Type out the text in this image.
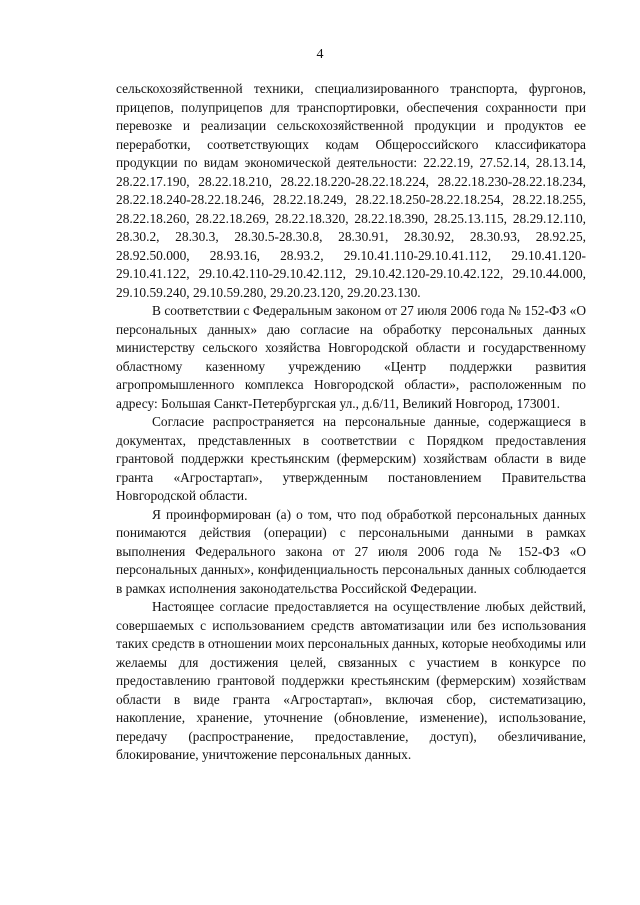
4

сельскохозяйственной техники, специализированного транспорта, фургонов, прицепов, полуприцепов для транспортировки, обеспечения сохранности при перевозке и реализации сельскохозяйственной продукции и продуктов ее переработки, соответствующих кодам Общероссийского классификатора продукции по видам экономической деятельности: 22.22.19, 27.52.14, 28.13.14, 28.22.17.190, 28.22.18.210, 28.22.18.220-28.22.18.224, 28.22.18.230-28.22.18.234, 28.22.18.240-28.22.18.246, 28.22.18.249, 28.22.18.250-28.22.18.254, 28.22.18.255, 28.22.18.260, 28.22.18.269, 28.22.18.320, 28.22.18.390, 28.25.13.115, 28.29.12.110, 28.30.2, 28.30.3, 28.30.5-28.30.8, 28.30.91, 28.30.92, 28.30.93, 28.92.25, 28.92.50.000, 28.93.16, 28.93.2, 29.10.41.110-29.10.41.112, 29.10.41.120-29.10.41.122, 29.10.42.110-29.10.42.112, 29.10.42.120-29.10.42.122, 29.10.44.000, 29.10.59.240, 29.10.59.280, 29.20.23.120, 29.20.23.130.

В соответствии с Федеральным законом от 27 июля 2006 года № 152-ФЗ «О персональных данных» даю согласие на обработку персональных данных министерству сельского хозяйства Новгородской области и государственному областному казенному учреждению «Центр поддержки развития агропромышленного комплекса Новгородской области», расположенным по адресу: Большая Санкт-Петербургская ул., д.6/11, Великий Новгород, 173001.

Согласие распространяется на персональные данные, содержащиеся в документах, представленных в соответствии с Порядком предоставления грантовой поддержки крестьянским (фермерским) хозяйствам области в виде гранта «Агростартап», утвержденным постановлением Правительства Новгородской области.

Я проинформирован (а) о том, что под обработкой персональных данных понимаются действия (операции) с персональными данными в рамках выполнения Федерального закона от 27 июля 2006 года № 152-ФЗ «О персональных данных», конфиденциальность персональных данных соблюдается в рамках исполнения законодательства Российской Федерации.

Настоящее согласие предоставляется на осуществление любых действий, совершаемых с использованием средств автоматизации или без использования таких средств в отношении моих персональных данных, которые необходимы или желаемы для достижения целей, связанных с участием в конкурсе по предоставлению грантовой поддержки крестьянским (фермерским) хозяйствам области в виде гранта «Агростартап», включая сбор, систематизацию, накопление, хранение, уточнение (обновление, изменение), использование, передачу (распространение, предоставление, доступ), обезличивание, блокирование, уничтожение персональных данных.
